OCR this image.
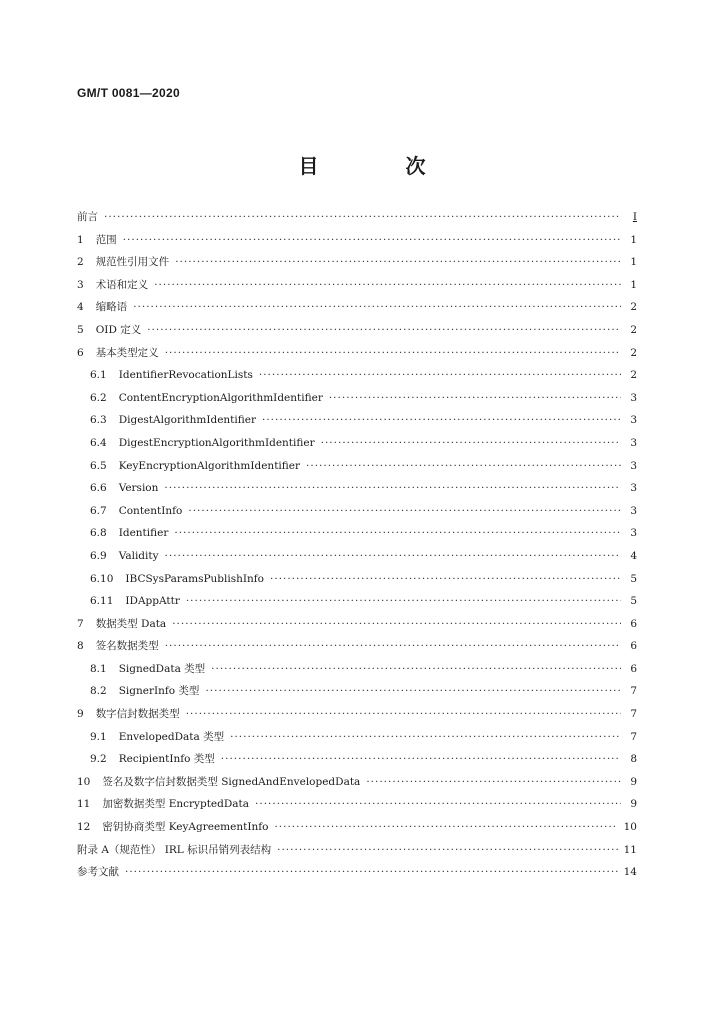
GM/T 0081—2020
目 次
前言 ·····	I
1 范围 ·····	1
2 规范性引用文件 ·····	1
3 术语和定义 ·····	1
4 缩略语 ·····	2
5 OID 定义 ·····	2
6 基本类型定义 ·····	2
6.1 IdentifierRevocationLists ·····	2
6.2 ContentEncryptionAlgorithmIdentifier ·····	3
6.3 DigestAlgorithmIdentifier ·····	3
6.4 DigestEncryptionAlgorithmIdentifier ·····	3
6.5 KeyEncryptionAlgorithmIdentifier ·····	3
6.6 Version ·····	3
6.7 ContentInfo ·····	3
6.8 Identifier ·····	3
6.9 Validity ·····	4
6.10 IBCSysParamsPublishInfo ·····	5
6.11 IDAppAttr ·····	5
7 数据类型 Data ·····	6
8 签名数据类型 ·····	6
8.1 SignedData 类型 ·····	6
8.2 SignerInfo 类型 ·····	7
9 数字信封数据类型 ·····	7
9.1 EnvelopedData 类型 ·····	7
9.2 RecipientInfo 类型 ·····	8
10 签名及数字信封数据类型 SignedAndEnvelopedData ·····	9
11 加密数据类型 EncryptedData ·····	9
12 密钥协商类型 KeyAgreementInfo ·····	10
附录 A（规范性） IRL 标识吊销列表结构 ·····	11
参考文献 ·····	14
